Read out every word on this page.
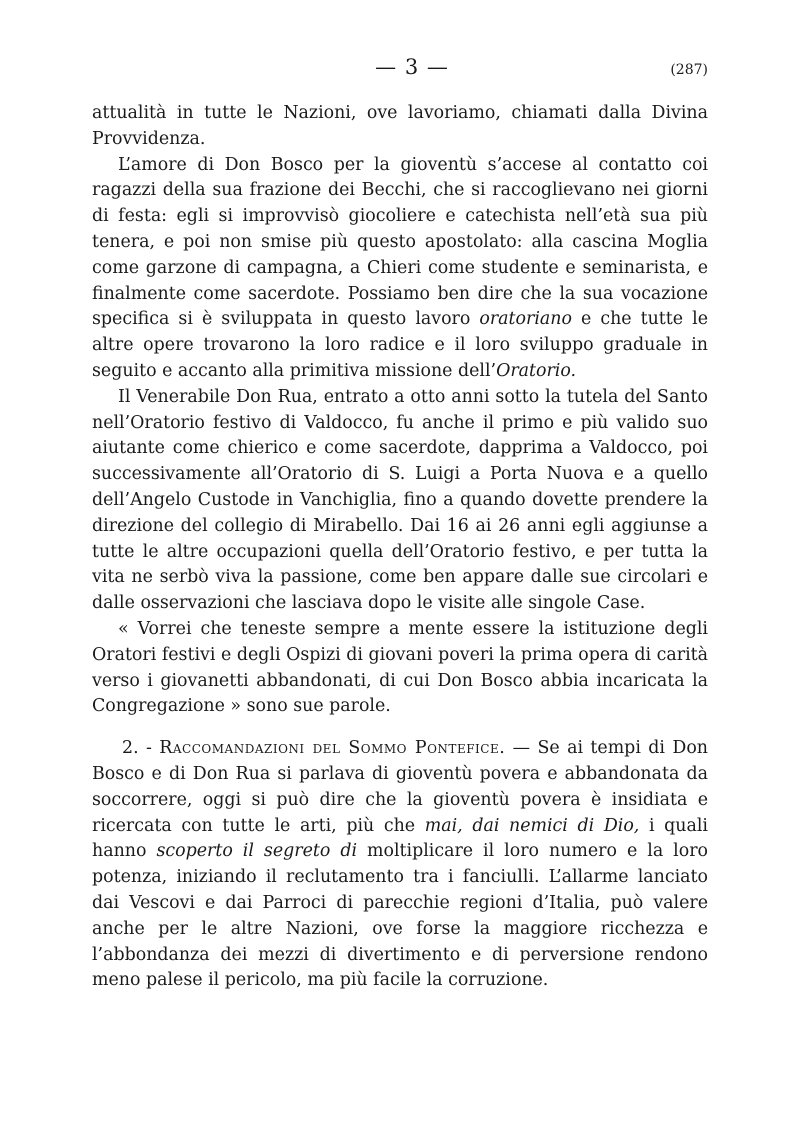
— 3 —	(287)

attualità in tutte le Nazioni, ove lavoriamo, chiamati dalla Divina Provvidenza.

L’amore di Don Bosco per la gioventù s’accese al contatto coi ragazzi della sua frazione dei Becchi, che si raccoglievano nei giorni di festa: egli si improvvisò giocoliere e catechista nell’età sua più tenera, e poi non smise più questo apostolato: alla cascina Moglia come garzone di campagna, a Chieri come studente e seminarista, e finalmente come sacerdote. Possiamo ben dire che la sua vocazione specifica si è sviluppata in questo lavoro oratoriano e che tutte le altre opere trovarono la loro radice e il loro sviluppo graduale in seguito e accanto alla primitiva missione dell’Oratorio.

Il Venerabile Don Rua, entrato a otto anni sotto la tutela del Santo nell’Oratorio festivo di Valdocco, fu anche il primo e più valido suo aiutante come chierico e come sacerdote, dapprima a Valdocco, poi successivamente all’Oratorio di S. Luigi a Porta Nuova e a quello dell’Angelo Custode in Vanchiglia, fino a quando dovette prendere la direzione del collegio di Mirabello. Dai 16 ai 26 anni egli aggiunse a tutte le altre occupazioni quella dell’Oratorio festivo, e per tutta la vita ne serbò viva la passione, come ben appare dalle sue circolari e dalle osservazioni che lasciava dopo le visite alle singole Case.

« Vorrei che teneste sempre a mente essere la istituzione degli Oratori festivi e degli Ospizi di giovani poveri la prima opera di carità verso i giovanetti abbandonati, di cui Don Bosco abbia incaricata la Congregazione » sono sue parole.

2. - Raccomandazioni del Sommo Pontefice. — Se ai tempi di Don Bosco e di Don Rua si parlava di gioventù povera e abbandonata da soccorrere, oggi si può dire che la gioventù povera è insidiata e ricercata con tutte le arti, più che mai, dai nemici di Dio, i quali hanno scoperto il segreto di moltiplicare il loro numero e la loro potenza, iniziando il reclutamento tra i fanciulli. L’allarme lanciato dai Vescovi e dai Parroci di parecchie regioni d’Italia, può valere anche per le altre Nazioni, ove forse la maggiore ricchezza e l’abbondanza dei mezzi di divertimento e di perversione rendono meno palese il pericolo, ma più facile la corruzione.
